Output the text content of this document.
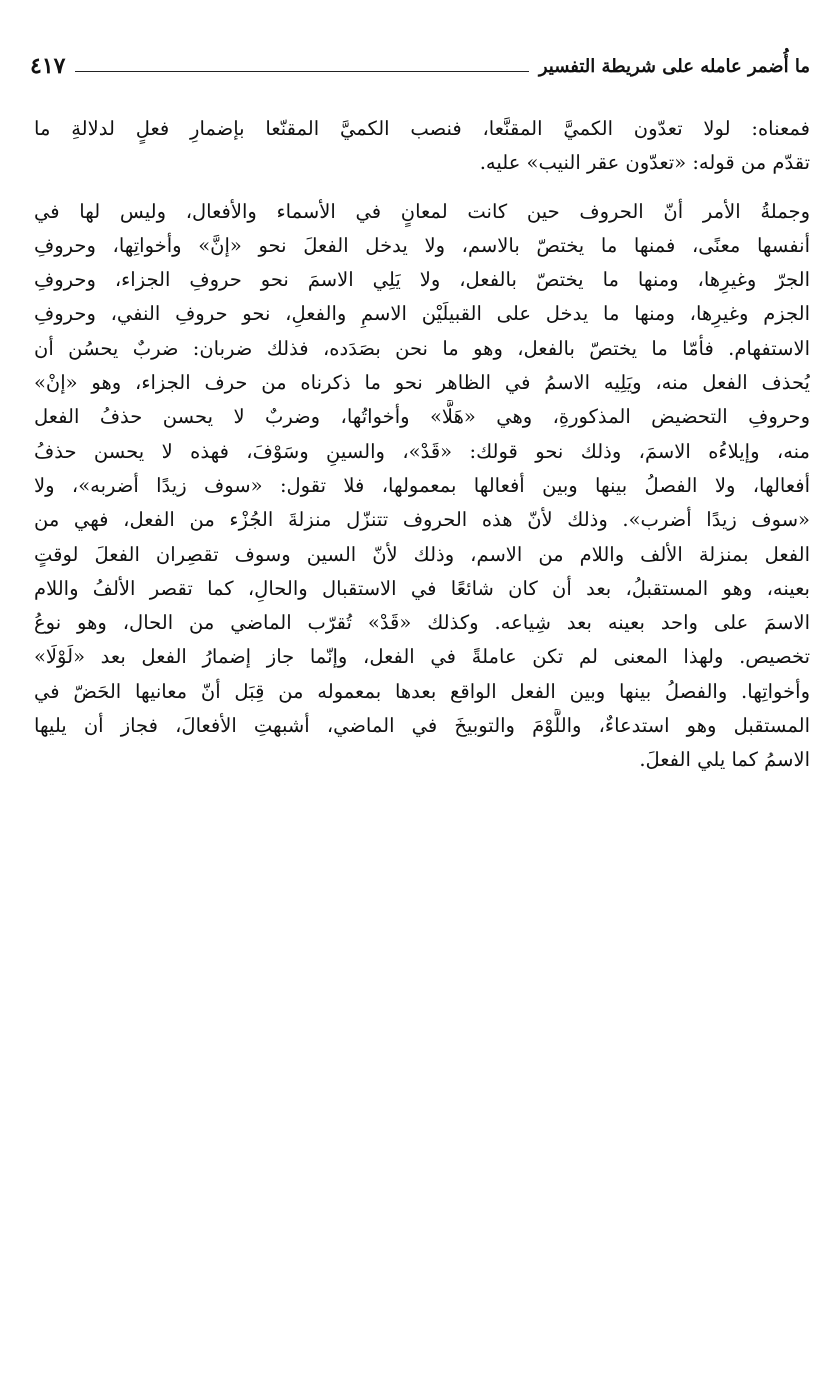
ما أُضمر عامله على شريطة التفسير
٤١٧
فمعناه: لولا تعدّون الكميَّ المقنَّعا، فنصب الكميَّ المقنّعا بإضمارِ فعلٍ لدلالةِ ما
تقدّم من قوله: «تعدّون عقر النيب» عليه.
وجملةُ الأمر أنّ الحروف حين كانت لمعانٍ في الأسماء والأفعال، وليس لها في
أنفسها معنًى، فمنها ما يختصّ بالاسم، ولا يدخل الفعلَ نحو «إنَّ» وأخواتِها، وحروفِ
الجرّ وغيرِها، ومنها ما يختصّ بالفعل، ولا يَلِي الاسمَ نحو حروفِ الجزاء، وحروفِ
الجزم وغيرِها، ومنها ما يدخل على القبيلَيْن الاسمِ والفعلِ، نحو حروفِ النفي، وحروفِ
الاستفهام. فأمّا ما يختصّ بالفعل، وهو ما نحن بصَدَده، فذلك ضربان: ضربٌ يحسُن أن
يُحذف الفعل منه، ويَلِيه الاسمُ في الظاهر نحو ما ذكرناه من حرف الجزاء، وهو «إنْ»
وحروفِ التحضيض المذكورةِ، وهي «هَلَّا» وأخواتُها، وضربٌ لا يحسن حذفُ الفعل
منه، وإيلاءُه الاسمَ، وذلك نحو قولك: «قَدْ»، والسينِ وسَوْفَ، فهذه لا يحسن حذفُ
أفعالها، ولا الفصلُ بينها وبين أفعالها بمعمولها، فلا تقول: «سوف زيدًا أضربه»، ولا
«سوف زيدًا أضرب». وذلك لأنّ هذه الحروف تتنزّل منزلةَ الجُزْء من الفعل، فهي من
الفعل بمنزلة الألف واللام من الاسم، وذلك لأنّ السين وسوف تقصِران الفعلَ لوقتٍ
بعينه، وهو المستقبلُ، بعد أن كان شائعًا في الاستقبال والحالِ، كما تقصر الألفُ واللام
الاسمَ على واحد بعينه بعد شِياعه. وكذلك «قَدْ» تُقرّب الماضي من الحال، وهو نوعُ
تخصيص. ولهذا المعنى لم تكن عاملةً في الفعل، وإنّما جاز إضمارُ الفعل بعد «لَوْلَا»
وأخواتِها. والفصلُ بينها وبين الفعل الواقع بعدها بمعموله من قِبَل أنّ معانيها الحَضّ في
المستقبل وهو استدعاءٌ، واللَّوْمَ والتوبيخَ في الماضي، أشبهتِ الأفعالَ، فجاز أن يليها
الاسمُ كما يلي الفعلَ.
